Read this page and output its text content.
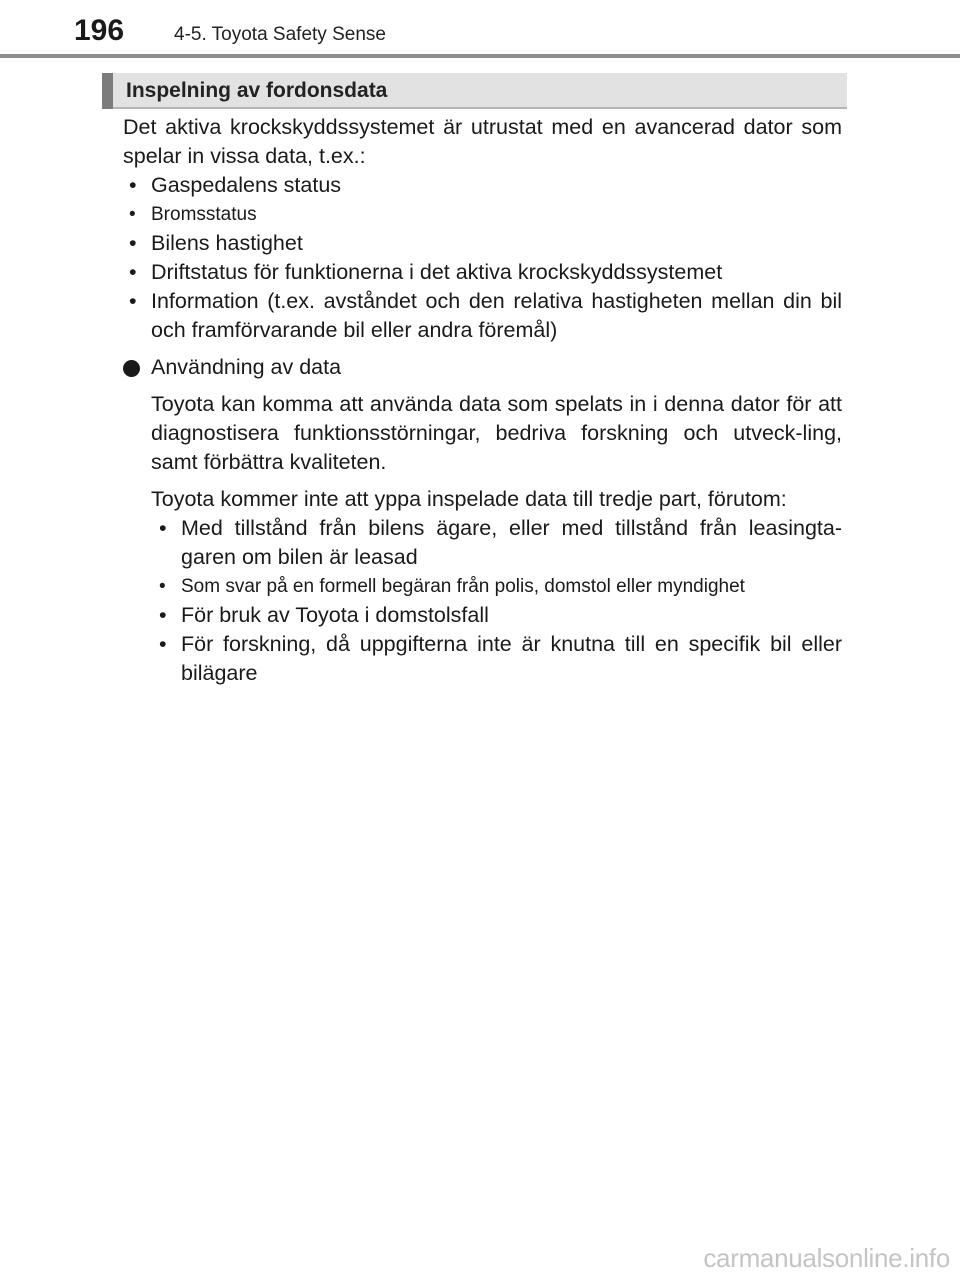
196	4-5. Toyota Safety Sense
Inspelning av fordonsdata

Det aktiva krockskyddssystemet är utrustat med en avancerad dator som spelar in vissa data, t.ex.:

• Gaspedalens status
• Bromsstatus
• Bilens hastighet
• Driftstatus för funktionerna i det aktiva krockskyddssystemet
• Information (t.ex. avståndet och den relativa hastigheten mellan din bil och framförvarande bil eller andra föremål)
Användning av data

Toyota kan komma att använda data som spelats in i denna dator för att diagnostisera funktionsstörningar, bedriva forskning och utveck-ling, samt förbättra kvaliteten.

Toyota kommer inte att yppa inspelade data till tredje part, förutom:

• Med tillstånd från bilens ägare, eller med tillstånd från leasingta-garen om bilen är leasad
• Som svar på en formell begäran från polis, domstol eller myndighet
• För bruk av Toyota i domstolsfall
• För forskning, då uppgifterna inte är knutna till en specifik bil eller bilägare
carmanualsonline.info
